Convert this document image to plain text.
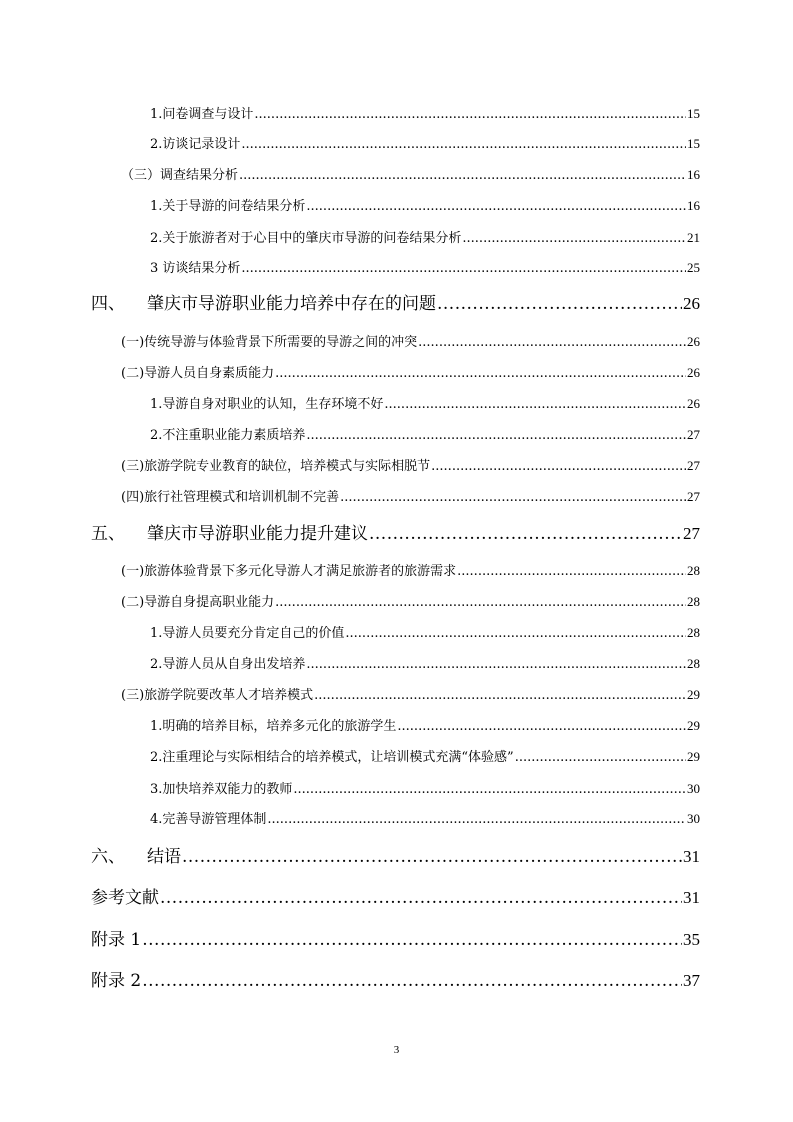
1.问卷调查与设计 .....	15
2.访谈记录设计 .....	15
（三）调查结果分析 .....	16
1.关于导游的问卷结果分析 .....	16
2.关于旅游者对于心目中的肇庆市导游的问卷结果分析 .....	21
3 访谈结果分析 .....	25
四、 肇庆市导游职业能力培养中存在的问题 .....	26
(一)传统导游与体验背景下所需要的导游之间的冲突 .....	26
(二)导游人员自身素质能力 .....	26
1.导游自身对职业的认知，生存环境不好 .....	26
2.不注重职业能力素质培养 .....	27
(三)旅游学院专业教育的缺位，培养模式与实际相脱节 .....	27
(四)旅行社管理模式和培训机制不完善 .....	27
五、 肇庆市导游职业能力提升建议 .....	27
(一)旅游体验背景下多元化导游人才满足旅游者的旅游需求 .....	28
(二)导游自身提高职业能力 .....	28
1.导游人员要充分肯定自己的价值 .....	28
2.导游人员从自身出发培养 .....	28
(三)旅游学院要改革人才培养模式 .....	29
1.明确的培养目标，培养多元化的旅游学生 .....	29
2.注重理论与实际相结合的培养模式，让培训模式充满“体验感” .....	29
3.加快培养双能力的教师 .....	30
4.完善导游管理体制 .....	30
六、 结语 .....	31
参考文献 .....	31
附录 1 .....	35
附录 2 .....	37
3
